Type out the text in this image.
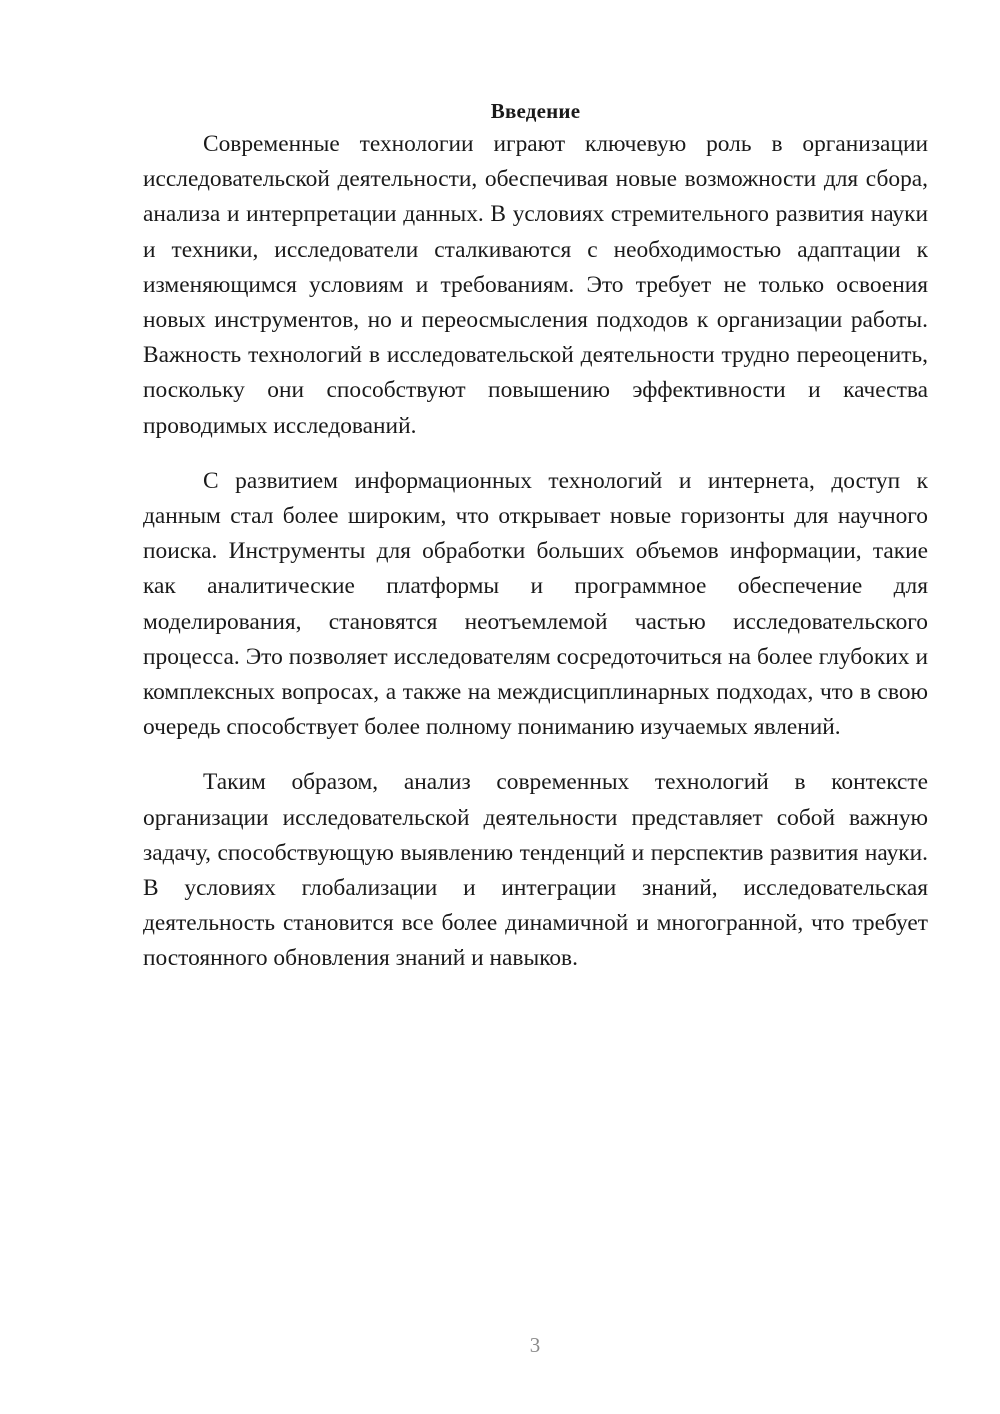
Введение

Современные технологии играют ключевую роль в организации исследовательской деятельности, обеспечивая новые возможности для сбора, анализа и интерпретации данных. В условиях стремительного развития науки и техники, исследователи сталкиваются с необходимостью адаптации к изменяющимся условиям и требованиям. Это требует не только освоения новых инструментов, но и переосмысления подходов к организации работы. Важность технологий в исследовательской деятельности трудно переоценить, поскольку они способствуют повышению эффективности и качества проводимых исследований.

С развитием информационных технологий и интернета, доступ к данным стал более широким, что открывает новые горизонты для научного поиска. Инструменты для обработки больших объемов информации, такие как аналитические платформы и программное обеспечение для моделирования, становятся неотъемлемой частью исследовательского процесса. Это позволяет исследователям сосредоточиться на более глубоких и комплексных вопросах, а также на междисциплинарных подходах, что в свою очередь способствует более полному пониманию изучаемых явлений.

Таким образом, анализ современных технологий в контексте организации исследовательской деятельности представляет собой важную задачу, способствующую выявлению тенденций и перспектив развития науки. В условиях глобализации и интеграции знаний, исследовательская деятельность становится все более динамичной и многогранной, что требует постоянного обновления знаний и навыков.

3
